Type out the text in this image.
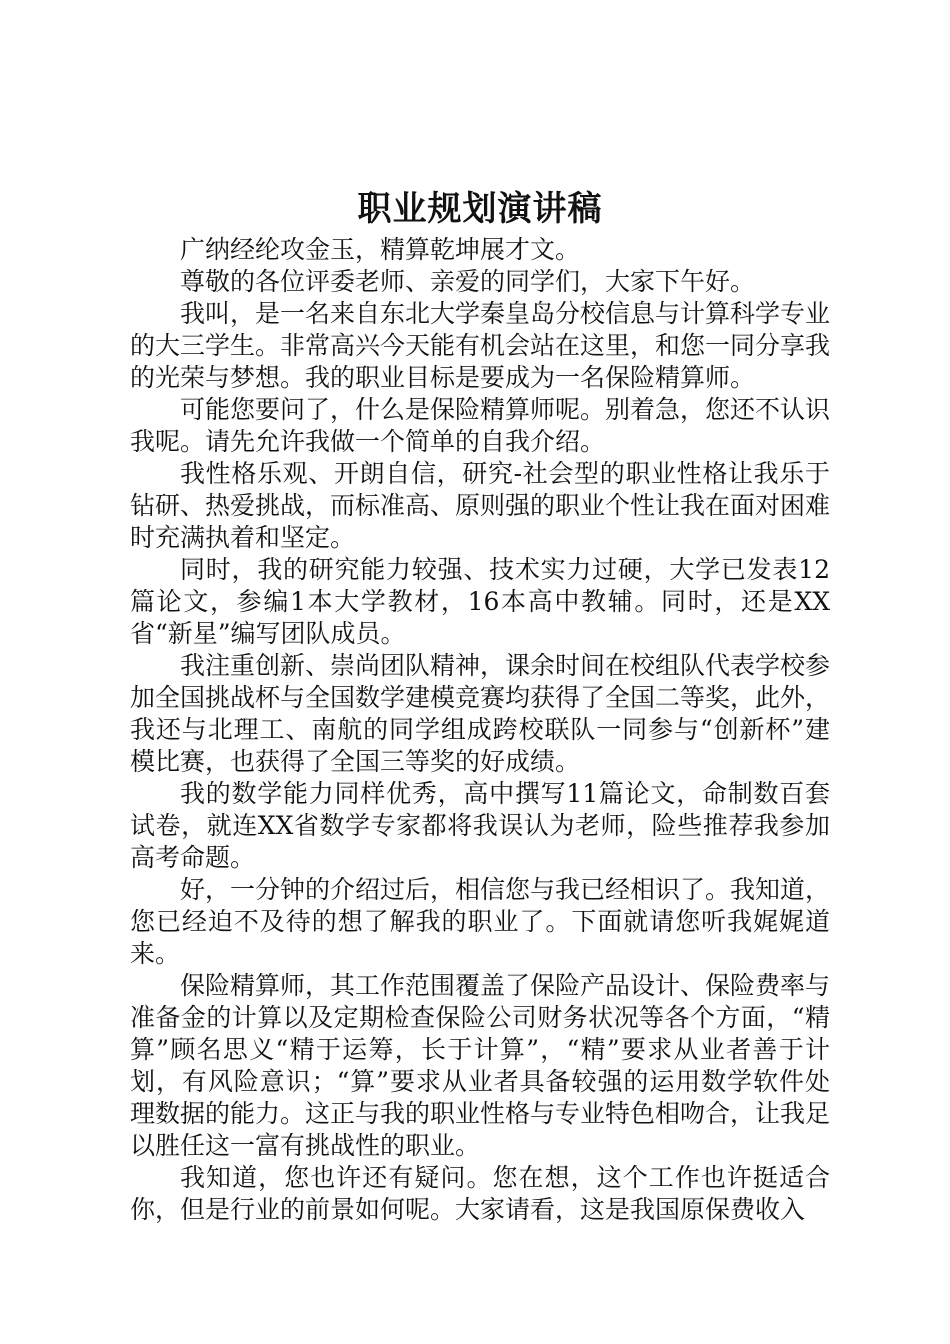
职业规划演讲稿

广纳经纶攻金玉，精算乾坤展才文。

尊敬的各位评委老师、亲爱的同学们，大家下午好。

我叫，是一名来自东北大学秦皇岛分校信息与计算科学专业的大三学生。非常高兴今天能有机会站在这里，和您一同分享我的光荣与梦想。我的职业目标是要成为一名保险精算师。

可能您要问了，什么是保险精算师呢。别着急，您还不认识我呢。请先允许我做一个简单的自我介绍。

我性格乐观、开朗自信，研究-社会型的职业性格让我乐于钻研、热爱挑战，而标准高、原则强的职业个性让我在面对困难时充满执着和坚定。

同时，我的研究能力较强、技术实力过硬，大学已发表12篇论文，参编1本大学教材，16本高中教辅。同时，还是XX省“新星”编写团队成员。

我注重创新、崇尚团队精神，课余时间在校组队代表学校参加全国挑战杯与全国数学建模竞赛均获得了全国二等奖，此外，我还与北理工、南航的同学组成跨校联队一同参与“创新杯”建模比赛，也获得了全国三等奖的好成绩。

我的数学能力同样优秀，高中撰写11篇论文，命制数百套试卷，就连XX省数学专家都将我误认为老师，险些推荐我参加高考命题。

好，一分钟的介绍过后，相信您与我已经相识了。我知道，您已经迫不及待的想了解我的职业了。下面就请您听我娓娓道来。

保险精算师，其工作范围覆盖了保险产品设计、保险费率与准备金的计算以及定期检查保险公司财务状况等各个方面，“精算”顾名思义“精于运筹，长于计算”，“精”要求从业者善于计划，有风险意识；“算”要求从业者具备较强的运用数学软件处理数据的能力。这正与我的职业性格与专业特色相吻合，让我足以胜任这一富有挑战性的职业。

我知道，您也许还有疑问。您在想，这个工作也许挺适合你，但是行业的前景如何呢。大家请看，这是我国原保费收入
